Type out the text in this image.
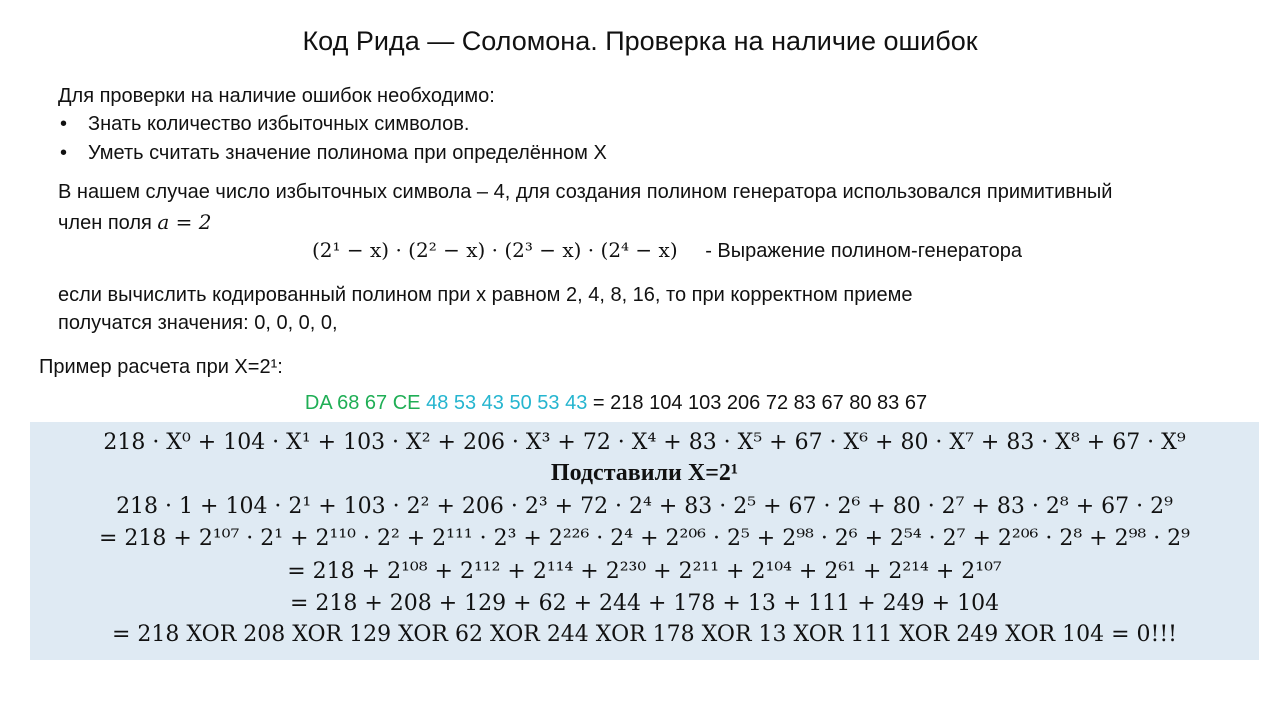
Код Рида — Соломона. Проверка на наличие ошибок
Для проверки на наличие ошибок необходимо:
• Знать количество избыточных символов.
• Уметь считать значение полинома при определённом X
В нашем случае число избыточных символа – 4, для создания полином генератора использовался примитивный
член поля a = 2
(2¹ − x) · (2² − x) · (2³ − x) · (2⁴ − x) - Выражение полином-генератора
если вычислить кодированный полином при x равном 2, 4, 8, 16, то при корректном приеме
получатся значения: 0, 0, 0, 0,
Пример расчета при X=2¹:
DA 68 67 CE 48 53 43 50 53 43 = 218 104 103 206 72 83 67 80 83 67
218 · X⁰ + 104 · X¹ + 103 · X² + 206 · X³ + 72 · X⁴ + 83 · X⁵ + 67 · X⁶ + 80 · X⁷ + 83 · X⁸ + 67 · X⁹
Подставили X=2¹
218 · 1 + 104 · 2¹ + 103 · 2² + 206 · 2³ + 72 · 2⁴ + 83 · 2⁵ + 67 · 2⁶ + 80 · 2⁷ + 83 · 2⁸ + 67 · 2⁹
= 218 + 2¹⁰⁷ · 2¹ + 2¹¹⁰ · 2² + 2¹¹¹ · 2³ + 2²²⁶ · 2⁴ + 2²⁰⁶ · 2⁵ + 2⁹⁸ · 2⁶ + 2⁵⁴ · 2⁷ + 2²⁰⁶ · 2⁸ + 2⁹⁸ · 2⁹
= 218 + 2¹⁰⁸ + 2¹¹² + 2¹¹⁴ + 2²³⁰ + 2²¹¹ + 2¹⁰⁴ + 2⁶¹ + 2²¹⁴ + 2¹⁰⁷
= 218 + 208 + 129 + 62 + 244 + 178 + 13 + 111 + 249 + 104
= 218 XOR 208 XOR 129 XOR 62 XOR 244 XOR 178 XOR 13 XOR 111 XOR 249 XOR 104 = 0!!!
